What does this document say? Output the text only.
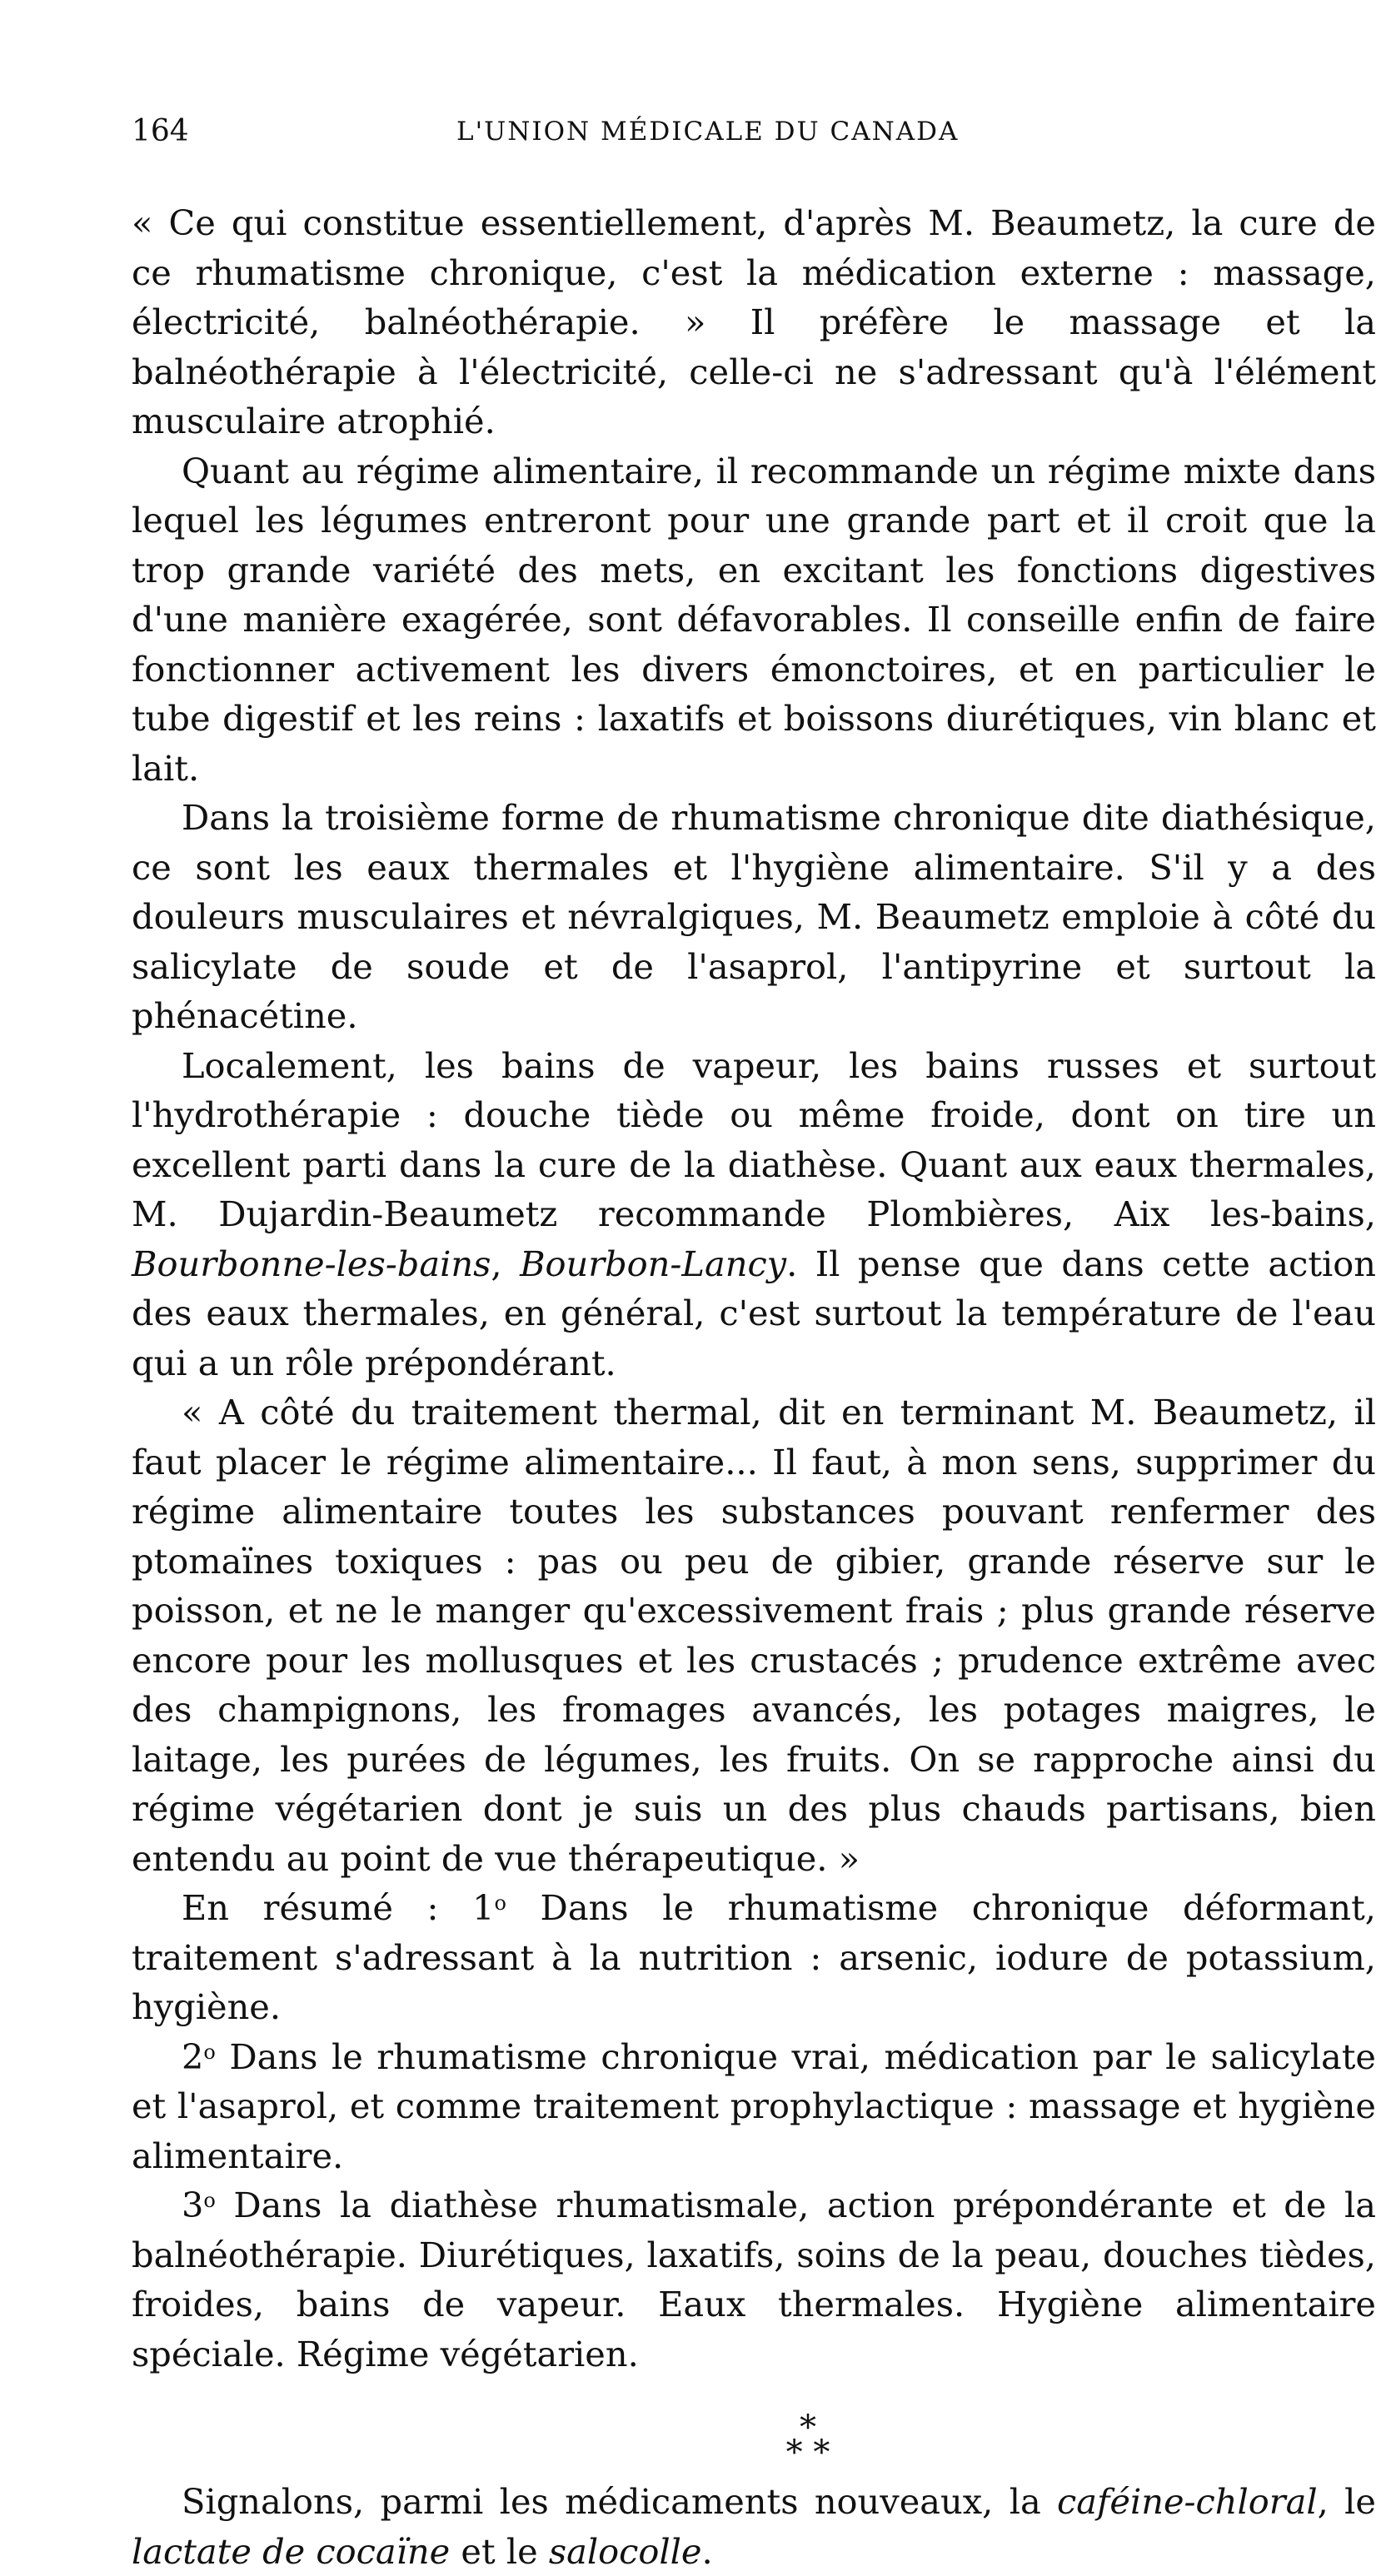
164	L'UNION MÉDICALE DU CANADA

« Ce qui constitue essentiellement, d'après M. Beaumetz, la cure de ce rhumatisme chronique, c'est la médication externe : massage, électricité, balnéothérapie. » Il préfère le massage et la balnéothérapie à l'électricité, celle-ci ne s'adressant qu'à l'élément musculaire atrophié.

Quant au régime alimentaire, il recommande un régime mixte dans lequel les légumes entreront pour une grande part et il croit que la trop grande variété des mets, en excitant les fonctions digestives d'une manière exagérée, sont défavorables. Il conseille enfin de faire fonctionner activement les divers émonctoires, et en particulier le tube digestif et les reins : laxatifs et boissons diurétiques, vin blanc et lait.

Dans la troisième forme de rhumatisme chronique dite diathésique, ce sont les eaux thermales et l'hygiène alimentaire. S'il y a des douleurs musculaires et névralgiques, M. Beaumetz emploie à côté du salicylate de soude et de l'asaprol, l'antipyrine et surtout la phénacétine.

Localement, les bains de vapeur, les bains russes et surtout l'hydrothérapie : douche tiède ou même froide, dont on tire un excellent parti dans la cure de la diathèse. Quant aux eaux thermales, M. Dujardin-Beaumetz recommande Plombières, Aix les-bains, Bourbonne-les-bains, Bourbon-Lancy. Il pense que dans cette action des eaux thermales, en général, c'est surtout la température de l'eau qui a un rôle prépondérant.

« A côté du traitement thermal, dit en terminant M. Beaumetz, il faut placer le régime alimentaire... Il faut, à mon sens, supprimer du régime alimentaire toutes les substances pouvant renfermer des ptomaïnes toxiques : pas ou peu de gibier, grande réserve sur le poisson, et ne le manger qu'excessivement frais ; plus grande réserve encore pour les mollusques et les crustacés ; prudence extrême avec des champignons, les fromages avancés, les potages maigres, le laitage, les purées de légumes, les fruits. On se rapproche ainsi du régime végétarien dont je suis un des plus chauds partisans, bien entendu au point de vue thérapeutique. »

En résumé : 1$^o$ Dans le rhumatisme chronique déformant, traitement s'adressant à la nutrition : arsenic, iodure de potassium, hygiène.

2$^o$ Dans le rhumatisme chronique vrai, médication par le salicylate et l'asaprol, et comme traitement prophylactique : massage et hygiène alimentaire.

3$^o$ Dans la diathèse rhumatismale, action prépondérante et de la balnéothérapie. Diurétiques, laxatifs, soins de la peau, douches tièdes, froides, bains de vapeur. Eaux thermales. Hygiène alimentaire spéciale. Régime végétarien.

*
* *

Signalons, parmi les médicaments nouveaux, la caféine-chloral, le lactate de cocaïne et le salocolle.
